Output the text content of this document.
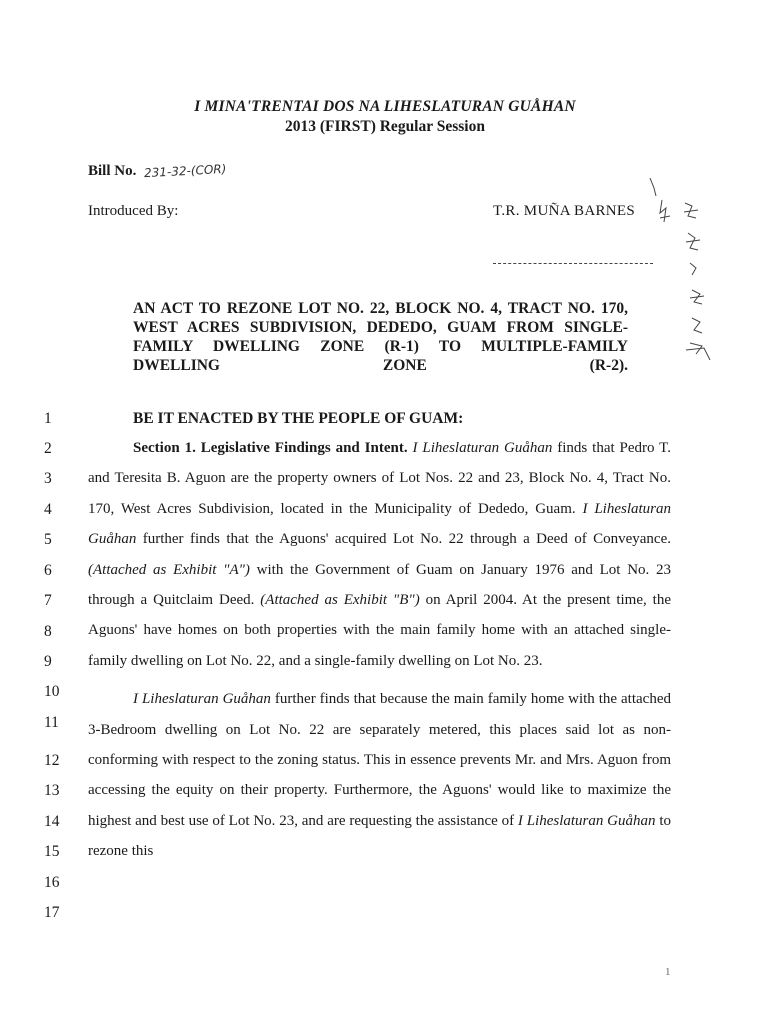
I MINA'TRENTAI DOS NA LIHESLATURAN GUÅHAN
2013 (FIRST) Regular Session
Bill No. 231-32-(COR)
Introduced By:	T.R. MUÑA BARNES
AN ACT TO REZONE LOT NO. 22, BLOCK NO. 4, TRACT NO. 170, WEST ACRES SUBDIVISION, DEDEDO, GUAM FROM SINGLE-FAMILY DWELLING ZONE (R-1) TO MULTIPLE-FAMILY DWELLING ZONE (R-2).
BE IT ENACTED BY THE PEOPLE OF GUAM:
1
2
3
4
5
6
7
8
9
10
11
12
13
14
15
16
17

Section 1. Legislative Findings and Intent. I Liheslaturan Guåhan finds that Pedro T. and Teresita B. Aguon are the property owners of Lot Nos. 22 and 23, Block No. 4, Tract No. 170, West Acres Subdivision, located in the Municipality of Dededo, Guam. I Liheslaturan Guåhan further finds that the Aguons' acquired Lot No. 22 through a Deed of Conveyance. (Attached as Exhibit "A") with the Government of Guam on January 1976 and Lot No. 23 through a Quitclaim Deed. (Attached as Exhibit "B") on April 2004. At the present time, the Aguons' have homes on both properties with the main family home with an attached single-family dwelling on Lot No. 22, and a single-family dwelling on Lot No. 23.

I Liheslaturan Guåhan further finds that because the main family home with the attached 3-Bedroom dwelling on Lot No. 22 are separately metered, this places said lot as non-conforming with respect to the zoning status. This in essence prevents Mr. and Mrs. Aguon from accessing the equity on their property. Furthermore, the Aguons' would like to maximize the highest and best use of Lot No. 23, and are requesting the assistance of I Liheslaturan Guåhan to rezone this

1
